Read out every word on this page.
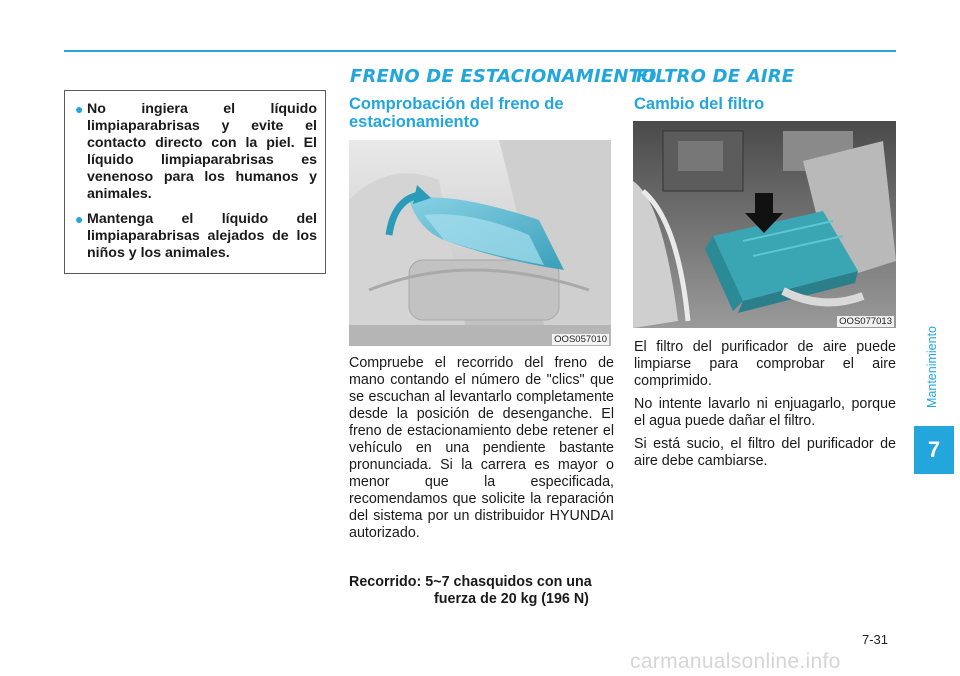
FRENO DE ESTACIONAMIENTO
FILTRO DE AIRE
● No ingiera el líquido limpiaparabrisas y evite el contacto directo con la piel. El líquido limpiaparabrisas es venenoso para los humanos y animales.
● Mantenga el líquido del limpiaparabrisas alejados de los niños y los animales.
Comprobación del freno de estacionamiento
OOS057010
Compruebe el recorrido del freno de mano contando el número de "clics" que se escuchan al levantarlo completamente desde la posición de desenganche. El freno de estacionamiento debe retener el vehículo en una pendiente bastante pronunciada. Si la carrera es mayor o menor que la especificada, recomendamos que solicite la reparación del sistema por un distribuidor HYUNDAI autorizado.
Recorrido: 5~7 chasquidos con una
fuerza de 20 kg (196 N)
Cambio del filtro
OOS077013

El filtro del purificador de aire puede limpiarse para comprobar el aire comprimido.

No intente lavarlo ni enjuagarlo, porque el agua puede dañar el filtro.

Si está sucio, el filtro del purificador de aire debe cambiarse.

Mantenimiento
7
7-31
carmanualsonline.info
